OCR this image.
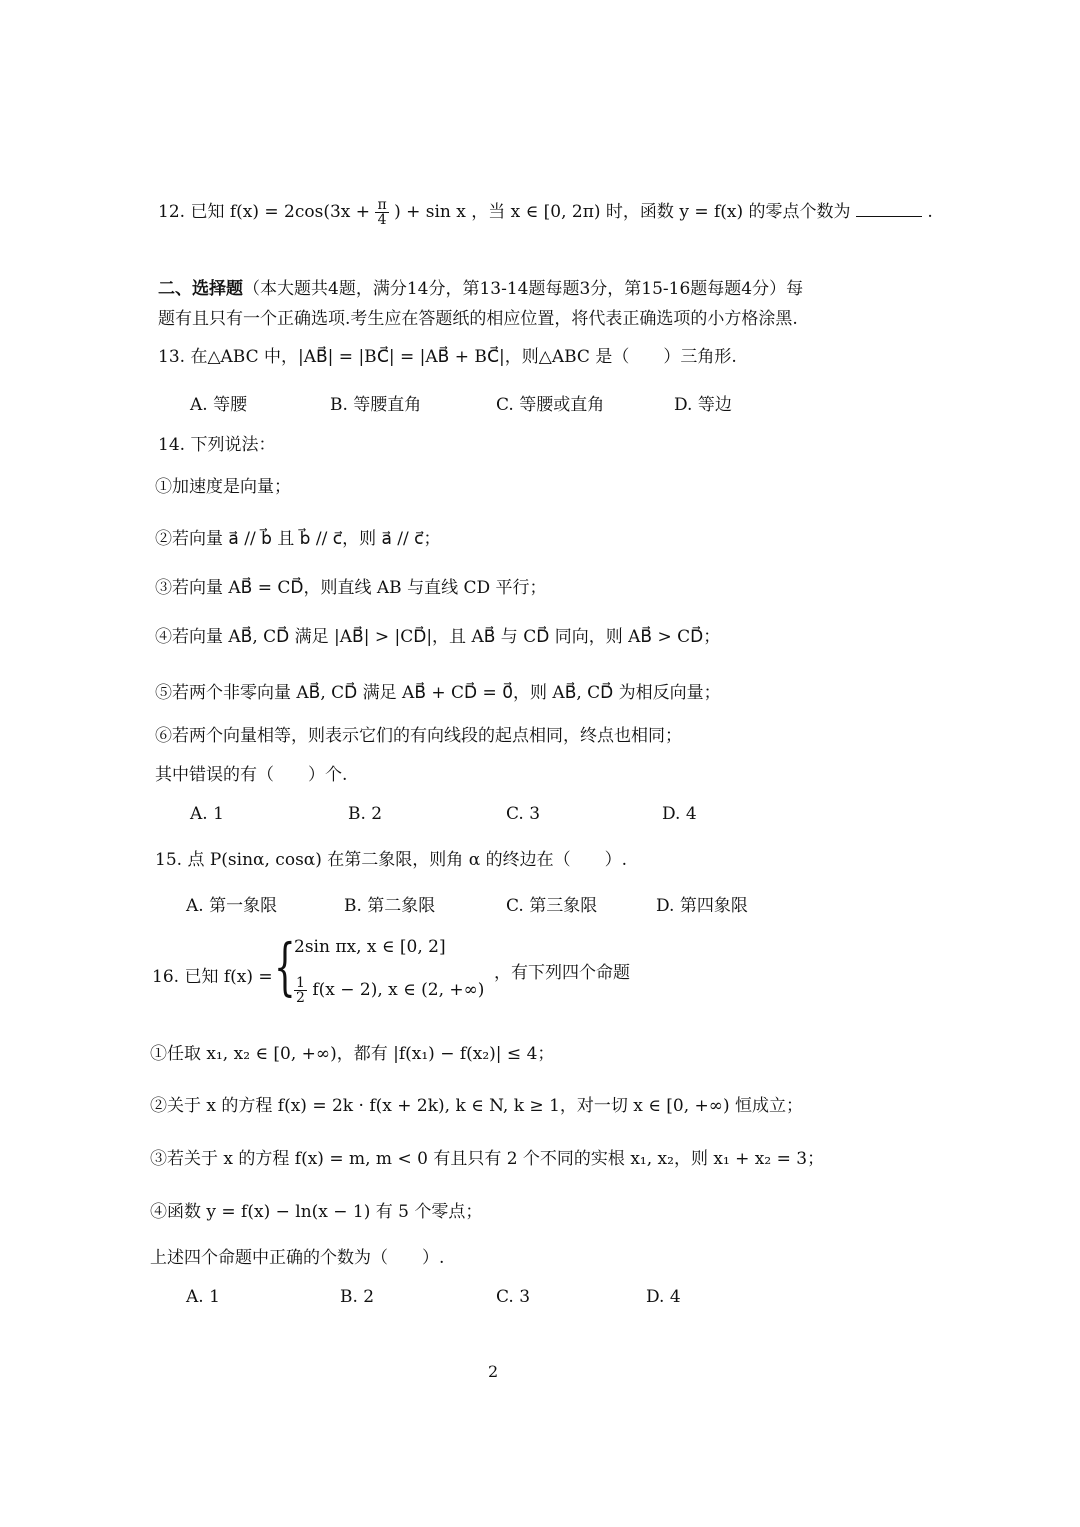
12. 已知 $f(x) = 2\cos(3x + \frac{\pi}{4}$ ) + sin x ，当 x ∈ [0, 2π) 时，函数 y = f(x) 的零点个数为	.
二、选择题（本大题共4题，满分14分，第13-14题每题3分，第15-16题每题4分）每
题有且只有一个正确选项.考生应在答题纸的相应位置，将代表正确选项的小方格涂黑.
13. 在△ABC 中，|AB⃗| = |BC⃗| = |AB⃗ + BC⃗|，则△ABC 是（　　）三角形.
A. 等腰	B. 等腰直角	C. 等腰或直角	D. 等边
14. 下列说法：
①加速度是向量；
②若向量 a⃗ // b⃗ 且 b⃗ // c⃗，则 a⃗ // c⃗；
③若向量 AB⃗ = CD⃗，则直线 AB 与直线 CD 平行；
④若向量 AB⃗, CD⃗ 满足 |AB⃗| > |CD⃗|，且 AB⃗ 与 CD⃗ 同向，则 AB⃗ > CD⃗；
⑤若两个非零向量 AB⃗, CD⃗ 满足 AB⃗ + CD⃗ = 0⃗，则 AB⃗, CD⃗ 为相反向量；
⑥若两个向量相等，则表示它们的有向线段的起点相同，终点也相同；
其中错误的有（　　）个.
A. 1	B. 2	C. 3	D. 4
15. 点 P(sinα, cosα) 在第二象限，则角 α 的终边在（　　）.
A. 第一象限	B. 第二象限	C. 第三象限	D. 第四象限
16. 已知 f(x) = {
2sin πx, x ∈ [0, 2]
$\frac{1}{2} f(x - 2)$, x ∈ (2, +∞)
，有下列四个命题
①任取 x₁, x₂ ∈ [0, +∞)，都有 |f(x₁) − f(x₂)| ≤ 4；
②关于 x 的方程 f(x) = 2k · f(x + 2k), k ∈ N, k ≥ 1，对一切 x ∈ [0, +∞) 恒成立；
③若关于 x 的方程 f(x) = m, m < 0 有且只有 2 个不同的实根 x₁, x₂，则 x₁ + x₂ = 3；
④函数 y = f(x) − ln(x − 1) 有 5 个零点；
上述四个命题中正确的个数为（　　）.
A. 1	B. 2	C. 3	D. 4
2
